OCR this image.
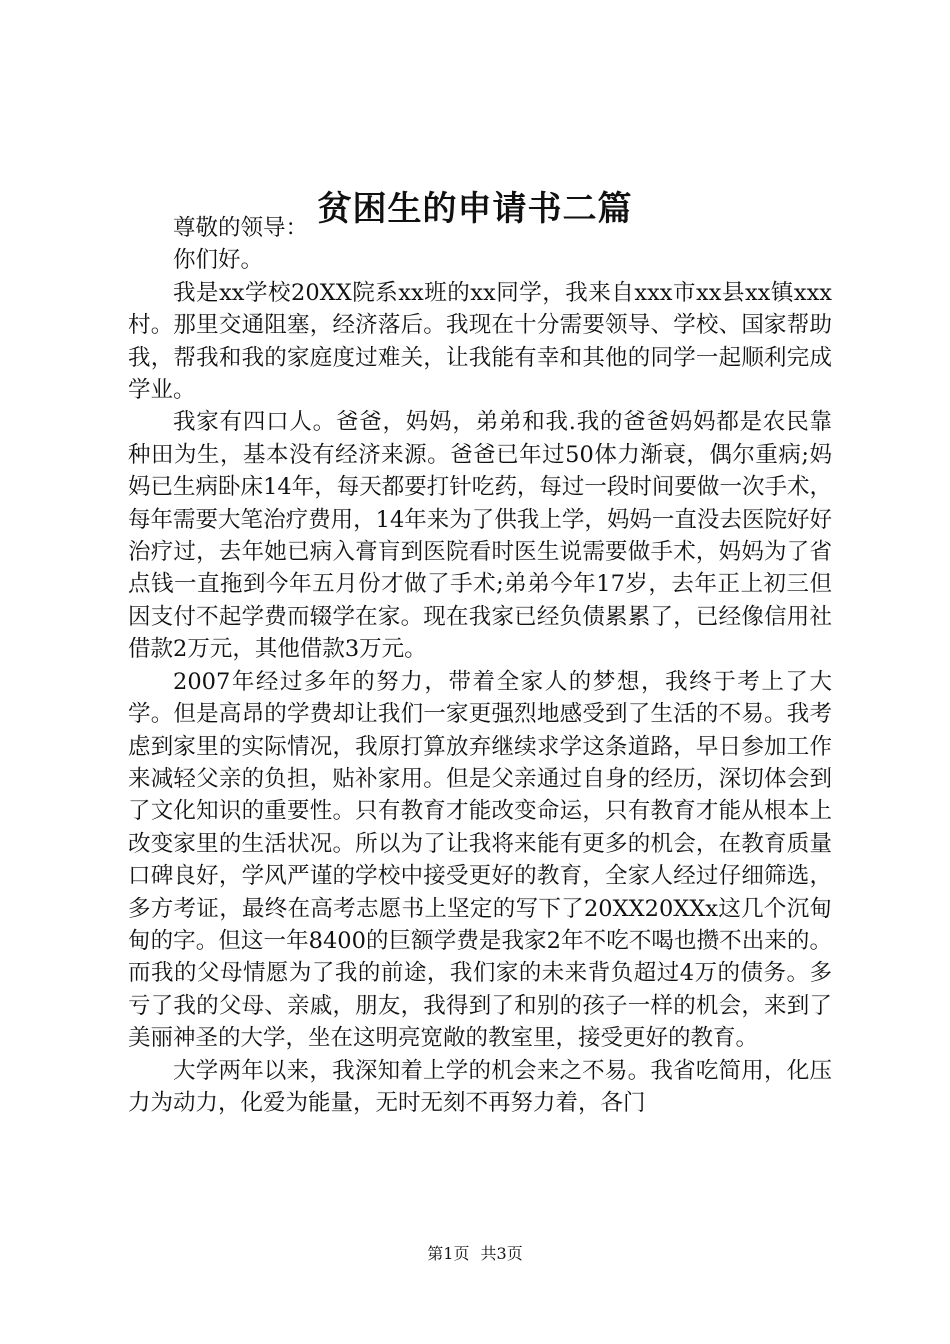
贫困生的申请书二篇

尊敬的领导：

你们好。

我是xx学校20XX院系xx班的xx同学，我来自xxx市xx县xx镇xxx村。那里交通阻塞，经济落后。我现在十分需要领导、学校、国家帮助我，帮我和我的家庭度过难关，让我能有幸和其他的同学一起顺利完成学业。

我家有四口人。爸爸，妈妈，弟弟和我.我的爸爸妈妈都是农民靠种田为生，基本没有经济来源。爸爸已年过50体力渐衰，偶尔重病;妈妈已生病卧床14年，每天都要打针吃药，每过一段时间要做一次手术，每年需要大笔治疗费用，14年来为了供我上学，妈妈一直没去医院好好治疗过，去年她已病入膏肓到医院看时医生说需要做手术，妈妈为了省点钱一直拖到今年五月份才做了手术;弟弟今年17岁，去年正上初三但因支付不起学费而辍学在家。现在我家已经负债累累了，已经像信用社借款2万元，其他借款3万元。

2007年经过多年的努力，带着全家人的梦想，我终于考上了大学。但是高昂的学费却让我们一家更强烈地感受到了生活的不易。我考虑到家里的实际情况，我原打算放弃继续求学这条道路，早日参加工作来减轻父亲的负担，贴补家用。但是父亲通过自身的经历，深切体会到了文化知识的重要性。只有教育才能改变命运，只有教育才能从根本上改变家里的生活状况。所以为了让我将来能有更多的机会，在教育质量口碑良好，学风严谨的学校中接受更好的教育，全家人经过仔细筛选，多方考证，最终在高考志愿书上坚定的写下了20XX20XXx这几个沉甸甸的字。但这一年8400的巨额学费是我家2年不吃不喝也攒不出来的。而我的父母情愿为了我的前途，我们家的未来背负超过4万的债务。多亏了我的父母、亲戚，朋友，我得到了和别的孩子一样的机会，来到了美丽神圣的大学，坐在这明亮宽敞的教室里，接受更好的教育。

大学两年以来，我深知着上学的机会来之不易。我省吃简用，化压力为动力，化爱为能量，无时无刻不再努力着，各门

第1页 共3页
